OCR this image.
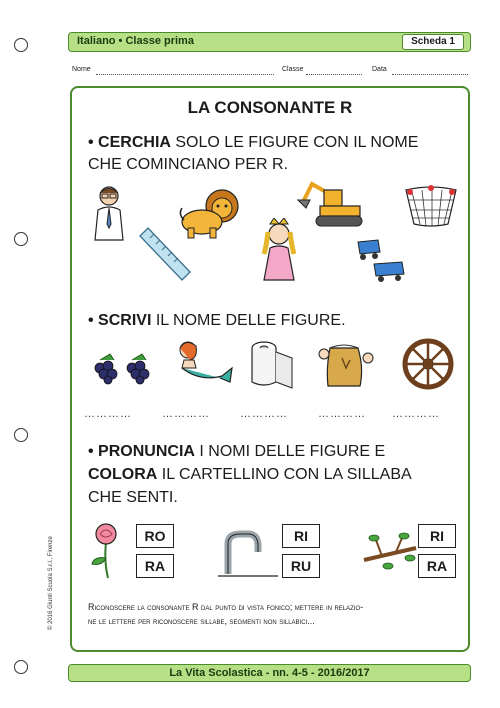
Italiano • Classe prima	Scheda 1
Nome	Classe	Data
LA CONSONANTE R
• CERCHIA SOLO LE FIGURE CON IL NOME
CHE COMINCIANO PER R.
• SCRIVI IL NOME DELLE FIGURE.
…………	…………	…………	………… …………
• PRONUNCIA I NOMI DELLE FIGURE E
COLORA IL CARTELLINO CON LA SILLABA
CHE SENTI.
RO
RA
RI
RU
RI
RA
Riconoscere la consonante R dal punto di vista fonico; mettere in relazio-
ne le lettere per riconoscere sillabe, segmenti non sillabici...
© 2016 Giunti Scuola S.r.l., Firenze
La Vita Scolastica - nn. 4-5 - 2016/2017
